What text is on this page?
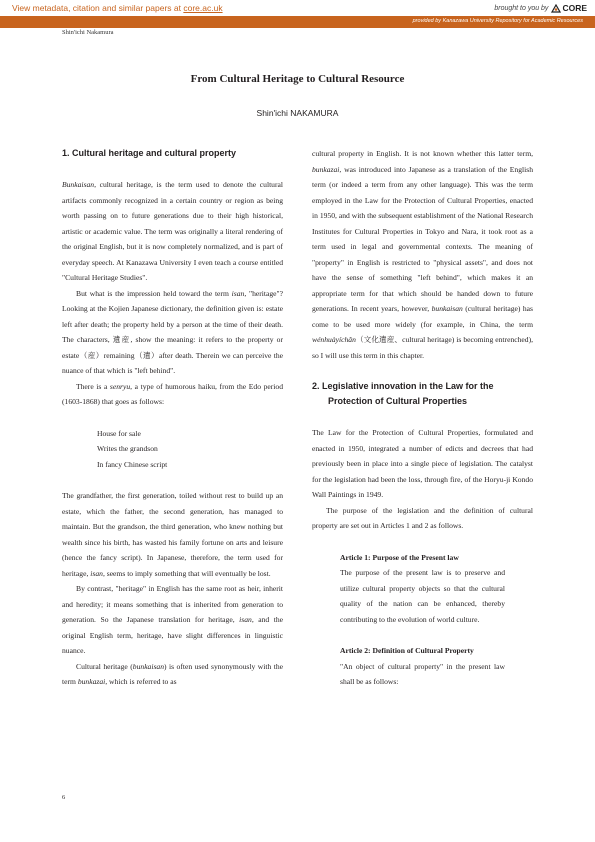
View metadata, citation and similar papers at core.ac.uk	brought to you by CORE
provided by Kanazawa University Repository for Academic Resources
Shin'ichi Nakamura
From Cultural Heritage to Cultural Resource
Shin'ichi NAKAMURA
1. Cultural heritage and cultural property

Bunkaisan, cultural heritage, is the term used to denote the cultural artifacts commonly recognized in a certain country or region as being worth passing on to future generations due to their high historical, artistic or academic value. The term was originally a literal rendering of the original English, but it is now completely normalized, and is part of everyday speech. At Kanazawa University I even teach a course entitled "Cultural Heritage Studies".

But what is the impression held toward the term isan, "heritage"? Looking at the Kojien Japanese dictionary, the definition given is: estate left after death; the property held by a person at the time of their death. The characters, 遺産, show the meaning: it refers to the property or estate（産）remaining（遺）after death. Therein we can perceive the nuance of that which is "left behind".

There is a senryu, a type of humorous haiku, from the Edo period (1603-1868) that goes as follows:

House for sale
Writes the grandson
In fancy Chinese script

The grandfather, the first generation, toiled without rest to build up an estate, which the father, the second generation, has managed to maintain. But the grandson, the third generation, who knew nothing but wealth since his birth, has wasted his family fortune on arts and leisure (hence the fancy script). In Japanese, therefore, the term used for heritage, isan, seems to imply something that will eventually be lost.

By contrast, "heritage" in English has the same root as heir, inherit and heredity; it means something that is inherited from generation to generation. So the Japanese translation for heritage, isan, and the original English term, heritage, have slight differences in linguistic nuance.

Cultural heritage (bunkaisan) is often used synonymously with the term bunkazai, which is referred to as

cultural property in English. It is not known whether this latter term, bunkazai, was introduced into Japanese as a translation of the English term (or indeed a term from any other language). This was the term employed in the Law for the Protection of Cultural Properties, enacted in 1950, and with the subsequent establishment of the National Research Institutes for Cultural Properties in Tokyo and Nara, it took root as a term used in legal and governmental contexts. The meaning of "property" in English is restricted to "physical assets", and does not have the sense of something "left behind", which makes it an appropriate term for that which should be handed down to future generations. In recent years, however, bunkaisan (cultural heritage) has come to be used more widely (for example, in China, the term wénhuàyíchǎn（文化遺産、cultural heritage) is becoming entrenched), so I will use this term in this chapter.

2. Legislative innovation in the Law for the Protection of Cultural Properties

The Law for the Protection of Cultural Properties, formulated and enacted in 1950, integrated a number of edicts and decrees that had previously been in place into a single piece of legislation. The catalyst for the legislation had been the loss, through fire, of the Horyu-ji Kondo Wall Paintings in 1949.

The purpose of the legislation and the definition of cultural property are set out in Articles 1 and 2 as follows.

Article 1: Purpose of the Present law

The purpose of the present law is to preserve and utilize cultural property objects so that the cultural quality of the nation can be enhanced, thereby contributing to the evolution of world culture.

Article 2: Definition of Cultural Property

"An object of cultural property" in the present law shall be as follows:

6
